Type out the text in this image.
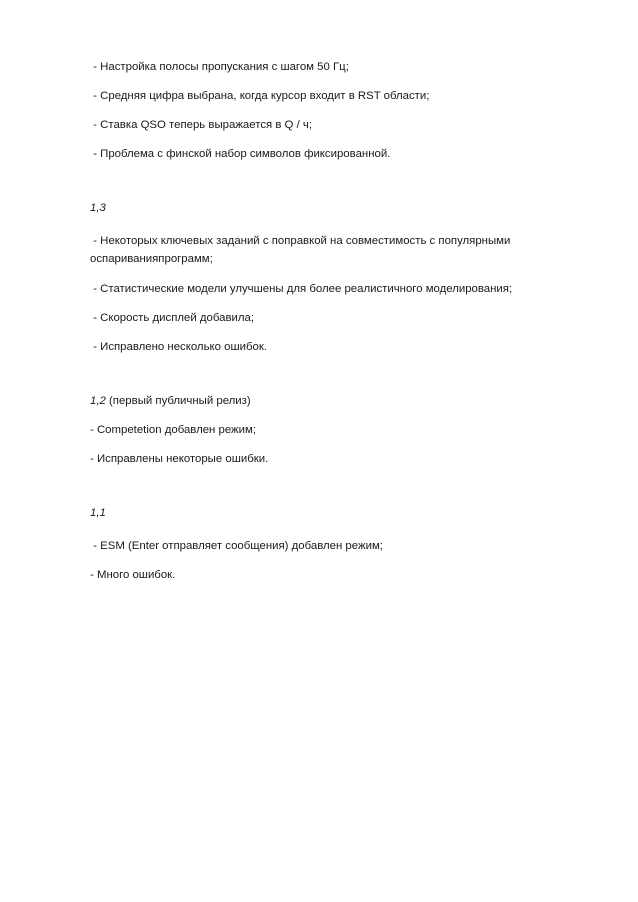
- Настройка полосы пропускания с шагом 50 Гц;

- Средняя цифра выбрана, когда курсор входит в RST области;

- Ставка QSO теперь выражается в Q / ч;

- Проблема с финской набор символов фиксированной.

1,3

- Некоторых ключевых заданий с поправкой на совместимость с популярными оспариванияпрограмм;

- Статистические модели улучшены для более реалистичного моделирования;

- Скорость дисплей добавила;

- Исправлено несколько ошибок.

1,2 (первый публичный релиз)

- Competetion добавлен режим;

- Исправлены некоторые ошибки.

1,1

- ESM (Enter отправляет сообщения) добавлен режим;

- Много ошибок.
